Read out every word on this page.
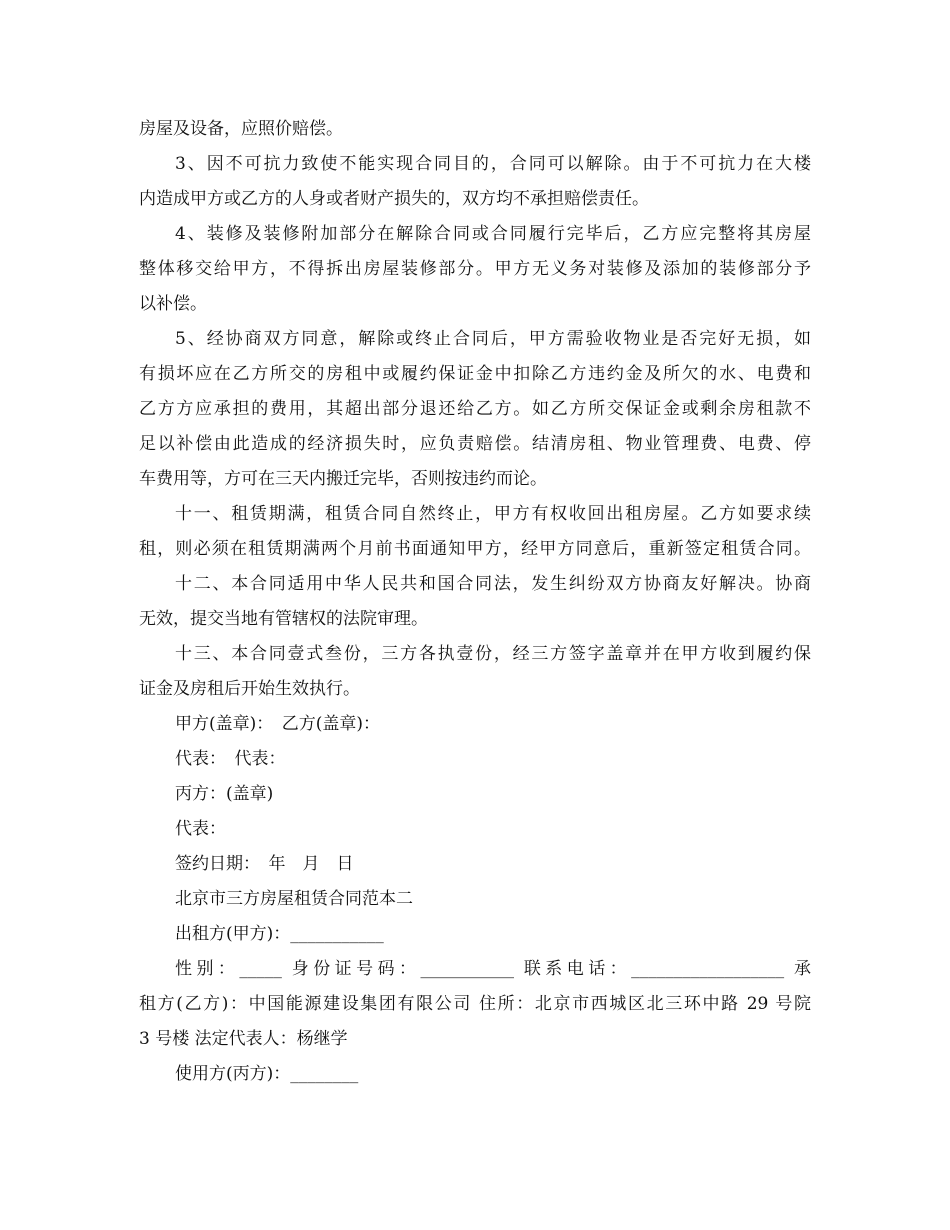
房屋及设备，应照价赔偿。
3、因不可抗力致使不能实现合同目的，合同可以解除。由于不可抗力在大楼
内造成甲方或乙方的人身或者财产损失的，双方均不承担赔偿责任。
4、装修及装修附加部分在解除合同或合同履行完毕后，乙方应完整将其房屋
整体移交给甲方，不得拆出房屋装修部分。甲方无义务对装修及添加的装修部分予
以补偿。
5、经协商双方同意，解除或终止合同后，甲方需验收物业是否完好无损，如
有损坏应在乙方所交的房租中或履约保证金中扣除乙方违约金及所欠的水、电费和
乙方方应承担的费用，其超出部分退还给乙方。如乙方所交保证金或剩余房租款不
足以补偿由此造成的经济损失时，应负责赔偿。结清房租、物业管理费、电费、停
车费用等，方可在三天内搬迁完毕，否则按违约而论。
十一、租赁期满，租赁合同自然终止，甲方有权收回出租房屋。乙方如要求续
租，则必须在租赁期满两个月前书面通知甲方，经甲方同意后，重新签定租赁合同。
十二、本合同适用中华人民共和国合同法，发生纠纷双方协商友好解决。协商
无效，提交当地有管辖权的法院审理。
十三、本合同壹式叁份，三方各执壹份，经三方签字盖章并在甲方收到履约保
证金及房租后开始生效执行。
甲方(盖章)：　乙方(盖章)：
代表：　代表：
丙方：(盖章)
代表：
签约日期：　年　月　日
北京市三方房屋租赁合同范本二
出租方(甲方)：___________
性别：_____ 身份证号码：___________ 联系电话：__________________ 承
租方(乙方)：中国能源建设集团有限公司 住所：北京市西城区北三环中路 29 号院
3 号楼 法定代表人：杨继学
使用方(丙方)：________
